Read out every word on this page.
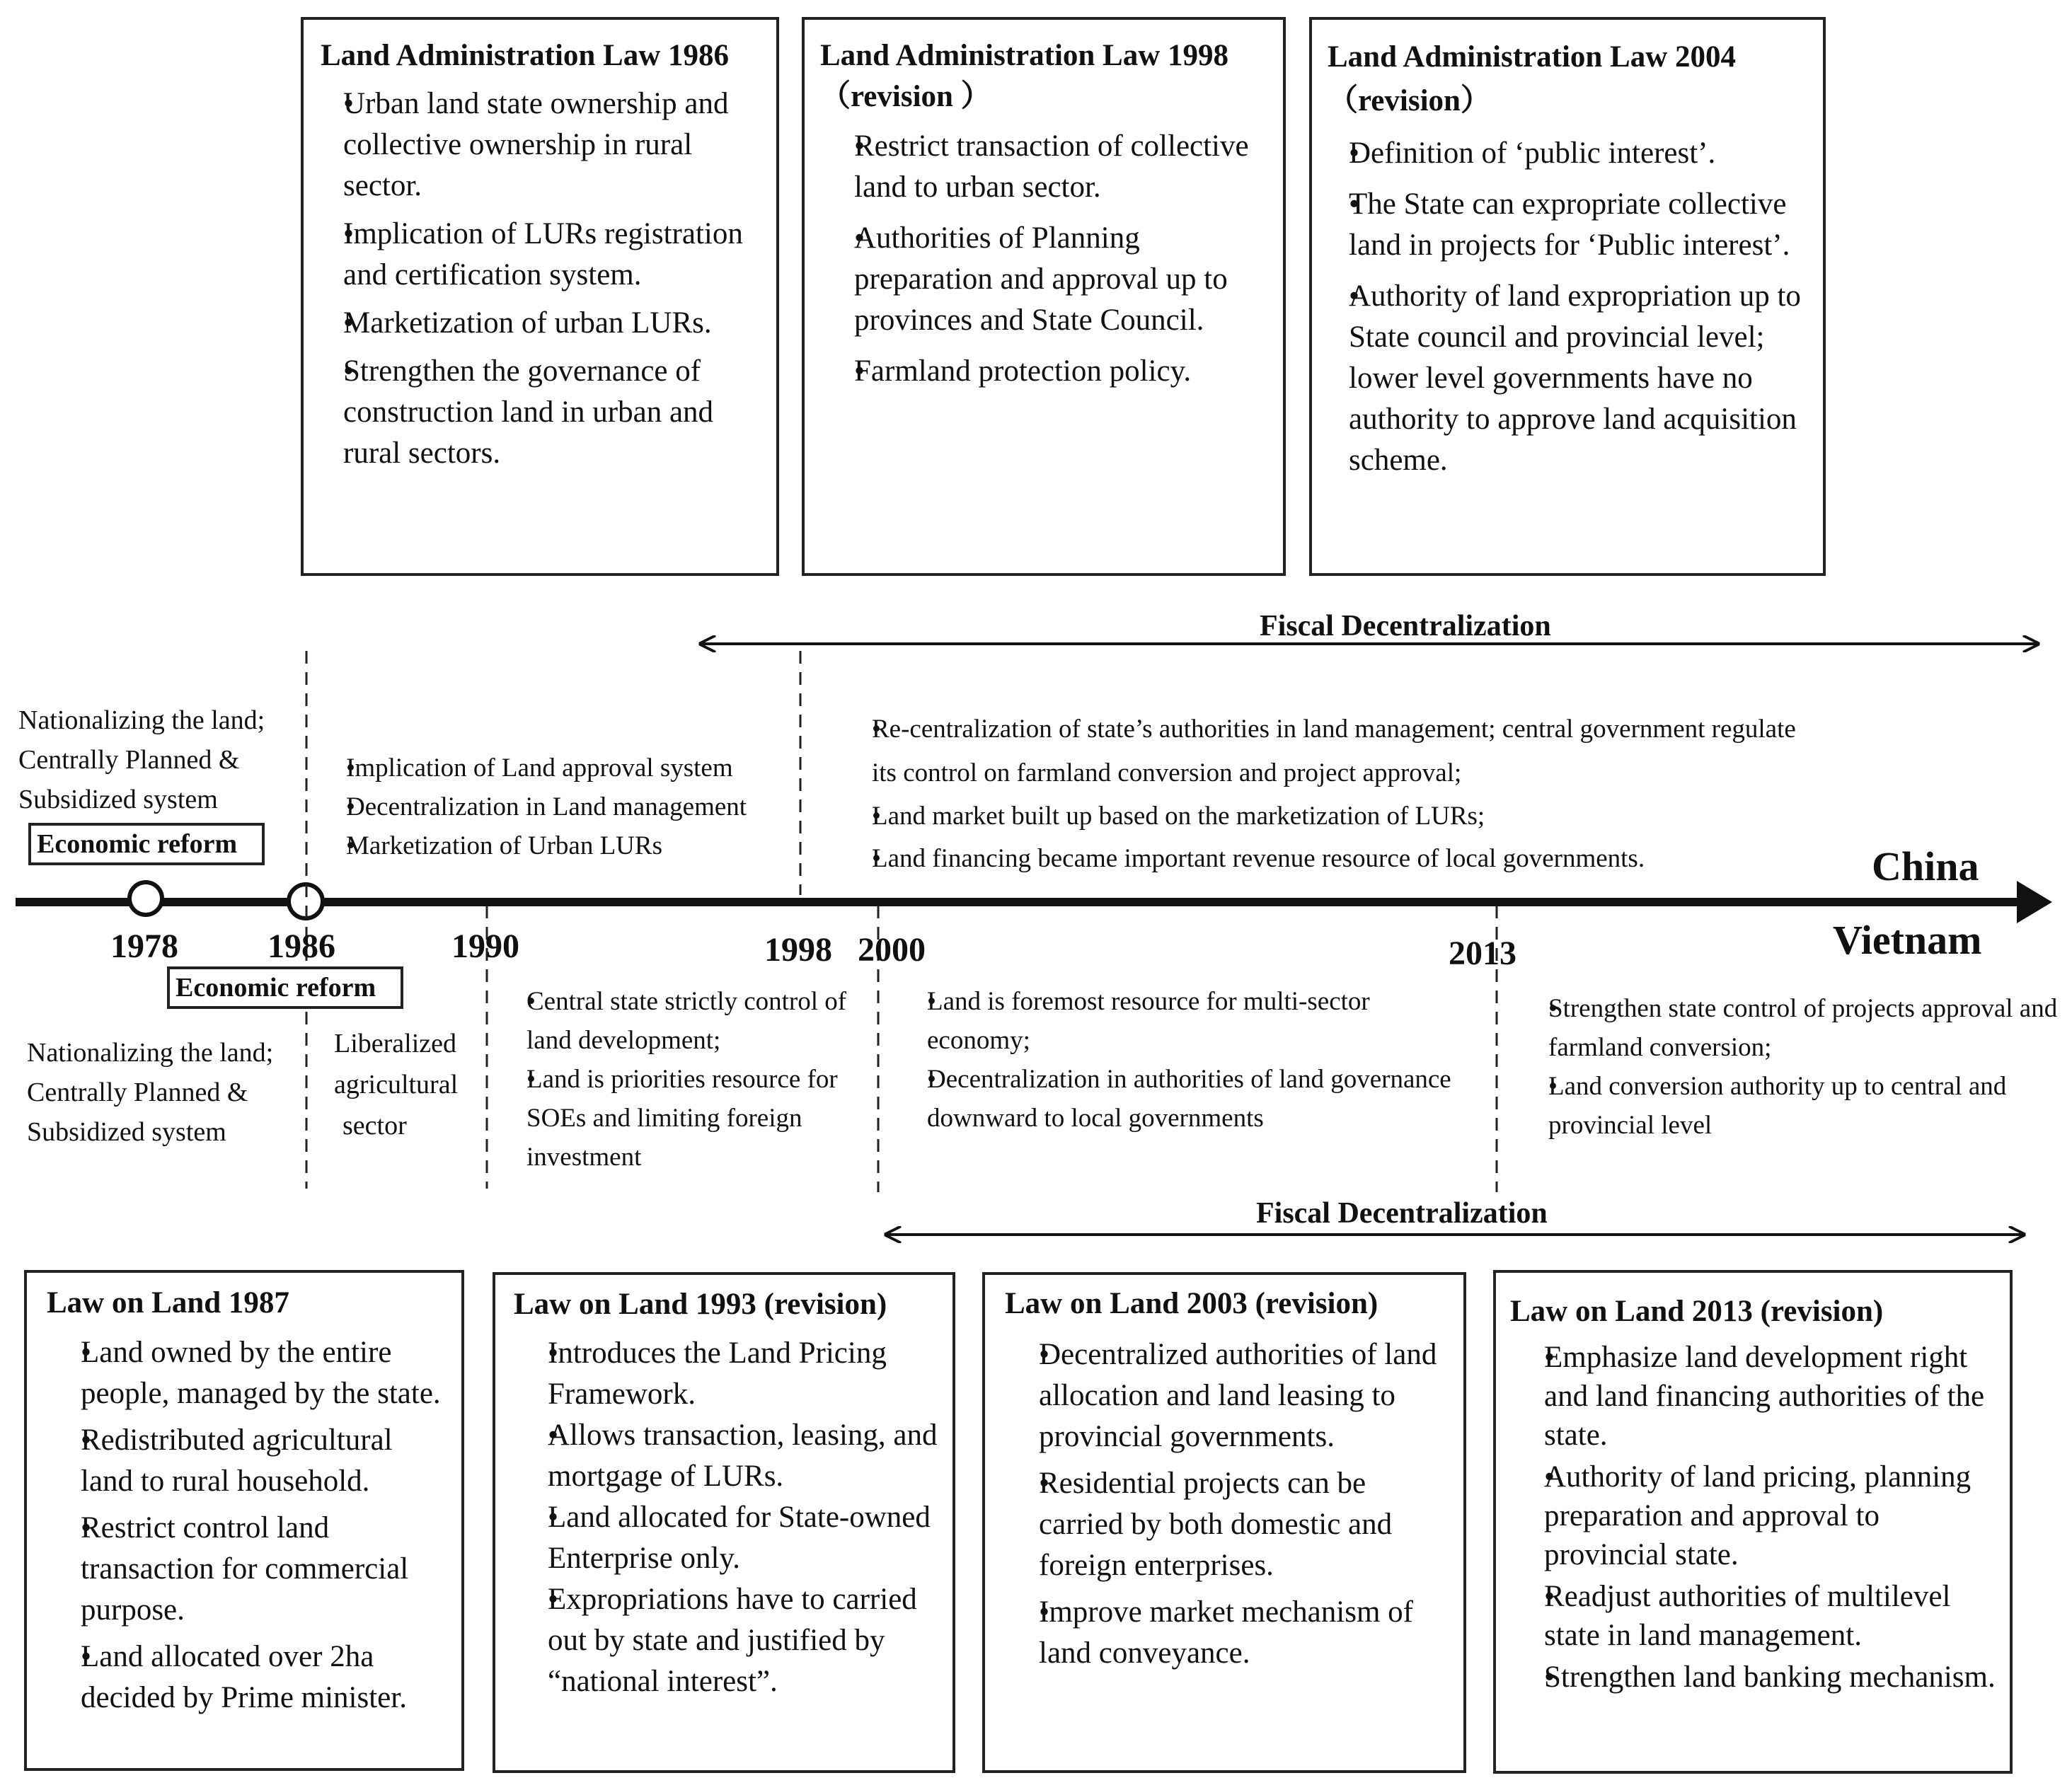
Land Administration Law 1986

• Urban land state ownership and collective ownership in rural sector.
• Implication of LURs registration and certification system.
• Marketization of urban LURs.
• Strengthen the governance of construction land in urban and rural sectors.

Land Administration Law 1998 （revision ）

• Restrict transaction of collective land to urban sector.
• Authorities of Planning preparation and approval up to provinces and State Council.
• Farmland protection policy.

Land Administration Law 2004 （revision）

• Definition of ‘public interest’.
• The State can expropriate collective land in projects for ‘Public interest’.
• Authority of land expropriation up to State council and provincial level; lower level governments have no authority to approve land acquisition scheme.
Fiscal Decentralization
Fiscal Decentralization
Nationalizing the land;
Centrally Planned &
Subsidized system
Economic reform
• Implication of Land approval system
• Decentralization in Land management
• Marketization of Urban LURs
• Re-centralization of state’s authorities in land management; central government regulate its control on farmland conversion and project approval;
• Land market built up based on the marketization of LURs;
• Land financing became important revenue resource of local governments.	China
Vietnam
1978	1986	1990	1998 2000	2013
Economic reform
Nationalizing the land;
Centrally Planned &
Subsidized system
Liberalized
agricultural
sector
• Central state strictly control of land development;
• Land is priorities resource for SOEs and limiting foreign investment
• Land is foremost resource for multi-sector economy;
• Decentralization in authorities of land governance downward to local governments
• Strengthen state control of projects approval and farmland conversion;
• Land conversion authority up to central and provincial level

Law on Land 1987

• Land owned by the entire people, managed by the state.
• Redistributed agricultural land to rural household.
• Restrict control land transaction for commercial purpose.
• Land allocated over 2ha decided by Prime minister.

Law on Land 1993 (revision)

• Introduces the Land Pricing Framework.
• Allows transaction, leasing, and mortgage of LURs.
• Land allocated for State-owned Enterprise only.
• Expropriations have to carried out by state and justified by “national interest”.

Law on Land 2003 (revision)

• Decentralized authorities of land allocation and land leasing to provincial governments.
• Residential projects can be carried by both domestic and foreign enterprises.
• Improve market mechanism of land conveyance.

Law on Land 2013 (revision)

• Emphasize land development right and land financing authorities of the state.
• Authority of land pricing, planning preparation and approval to provincial state.
• Readjust authorities of multilevel state in land management.
• Strengthen land banking mechanism.
